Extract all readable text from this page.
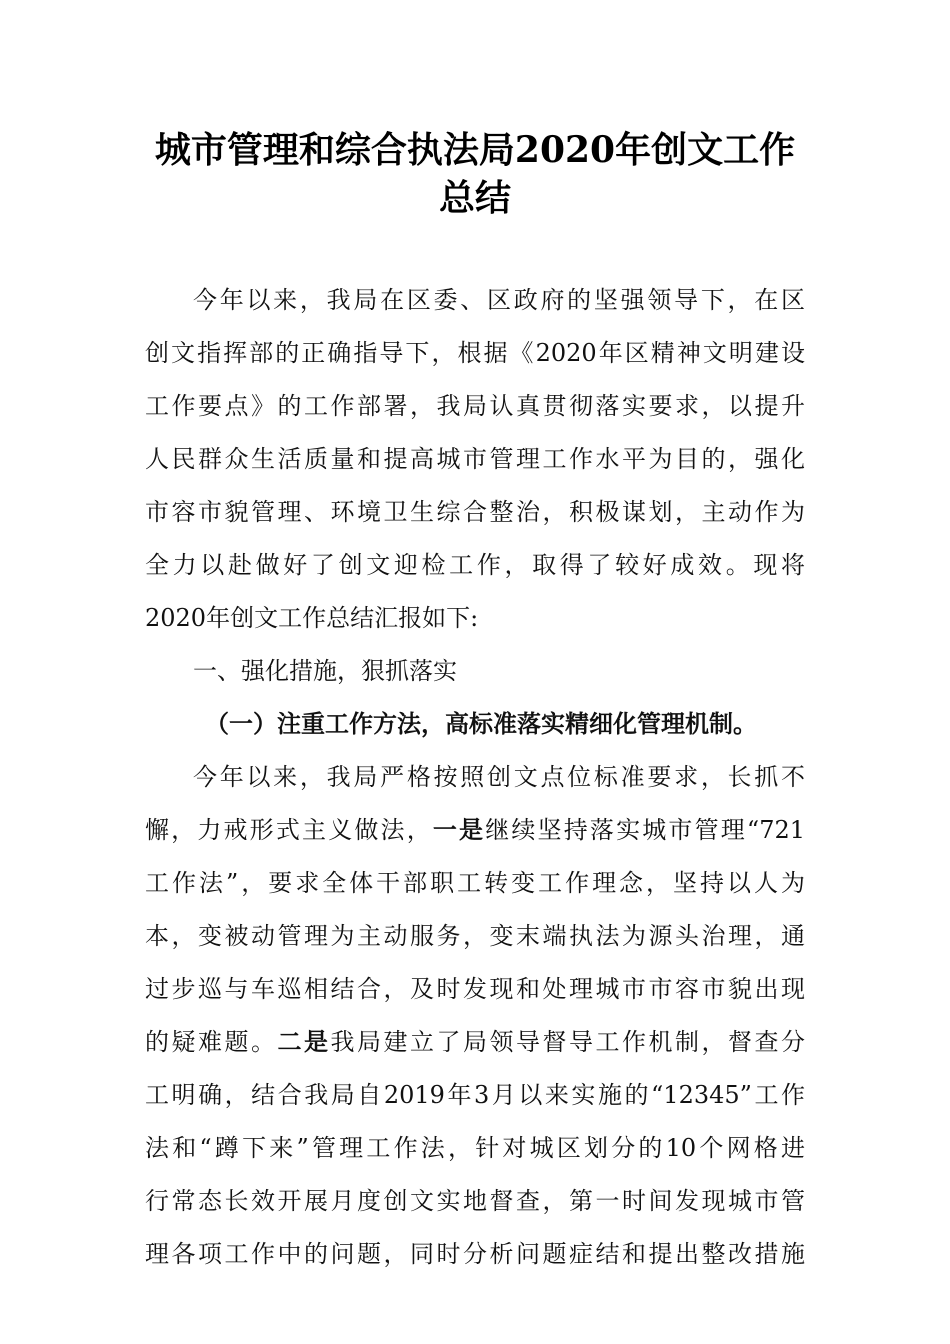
城市管理和综合执法局2020年创文工作
总结
今年以来，我局在区委、区政府的坚强领导下，在区
创文指挥部的正确指导下，根据《2020年区精神文明建设
工作要点》的工作部署，我局认真贯彻落实要求，以提升
人民群众生活质量和提高城市管理工作水平为目的，强化
市容市貌管理、环境卫生综合整治，积极谋划，主动作为
全力以赴做好了创文迎检工作，取得了较好成效。现将
2020年创文工作总结汇报如下:
一、强化措施，狠抓落实
（一）注重工作方法，高标准落实精细化管理机制。
今年以来，我局严格按照创文点位标准要求，长抓不
懈，力戒形式主义做法，一是继续坚持落实城市管理“721
工作法”，要求全体干部职工转变工作理念，坚持以人为
本，变被动管理为主动服务，变末端执法为源头治理，通
过步巡与车巡相结合，及时发现和处理城市市容市貌出现
的疑难题。二是我局建立了局领导督导工作机制，督查分
工明确，结合我局自2019年3月以来实施的“12345”工作
法和“蹲下来”管理工作法，针对城区划分的10个网格进
行常态长效开展月度创文实地督查，第一时间发现城市管
理各项工作中的问题，同时分析问题症结和提出整改措施
